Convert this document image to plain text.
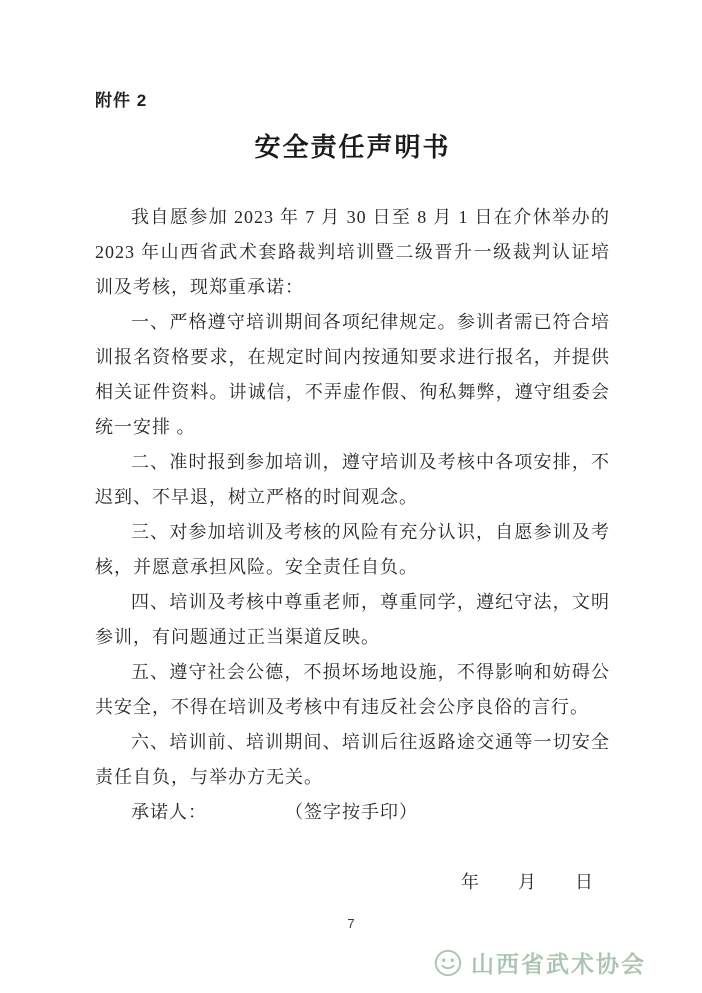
附件 2
安全责任声明书

我自愿参加 2023 年 7 月 30 日至 8 月 1 日在介休举办的 2023 年山西省武术套路裁判培训暨二级晋升一级裁判认证培训及考核，现郑重承诺：

一、严格遵守培训期间各项纪律规定。参训者需已符合培训报名资格要求，在规定时间内按通知要求进行报名，并提供相关证件资料。讲诚信，不弄虚作假、徇私舞弊，遵守组委会统一安排 。

二、准时报到参加培训，遵守培训及考核中各项安排，不迟到、不早退，树立严格的时间观念。

三、对参加培训及考核的风险有充分认识，自愿参训及考核，并愿意承担风险。安全责任自负。

四、培训及考核中尊重老师，尊重同学，遵纪守法，文明参训，有问题通过正当渠道反映。

五、遵守社会公德，不损坏场地设施，不得影响和妨碍公共安全，不得在培训及考核中有违反社会公序良俗的言行。

六、培训前、培训期间、培训后往返路途交通等一切安全责任自负，与举办方无关。

承诺人：	（签字按手印）

年　　月　　日

7
山西省武术协会
